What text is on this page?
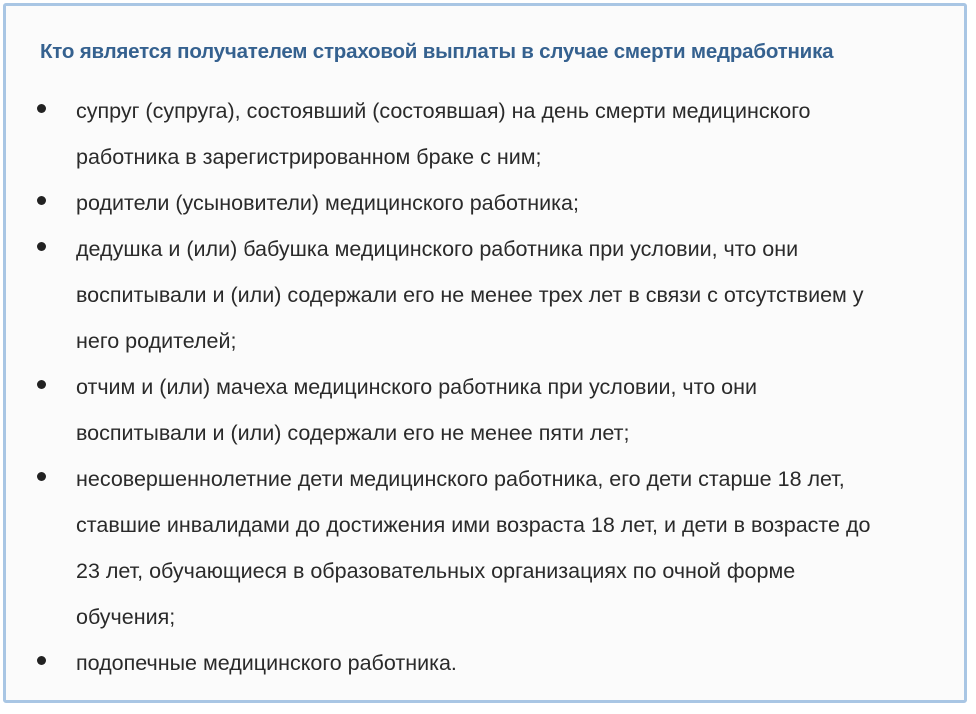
Кто является получателем страховой выплаты в случае смерти медработника
супруг (супруга), состоявший (состоявшая) на день смерти медицинского
работника в зарегистрированном браке с ним;
родители (усыновители) медицинского работника;
дедушка и (или) бабушка медицинского работника при условии, что они
воспитывали и (или) содержали его не менее трех лет в связи с отсутствием у
него родителей;
отчим и (или) мачеха медицинского работника при условии, что они
воспитывали и (или) содержали его не менее пяти лет;
несовершеннолетние дети медицинского работника, его дети старше 18 лет,
ставшие инвалидами до достижения ими возраста 18 лет, и дети в возрасте до
23 лет, обучающиеся в образовательных организациях по очной форме
обучения;
подопечные медицинского работника.
